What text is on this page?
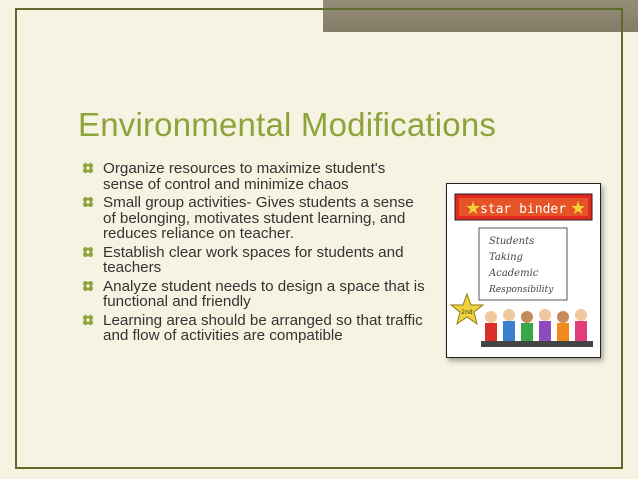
Environmental Modifications
Organize resources to maximize student's sense of control and minimize chaos
Small group activities- Gives students a sense of belonging, motivates student learning, and reduces reliance on teacher.
Establish clear work spaces for students and teachers
Analyze student needs to design a space that is functional and friendly
Learning area should be arranged so that traffic and flow of activities are compatible
★	★
star binder
Students
Taking
Academic
Responsibility
2nd
